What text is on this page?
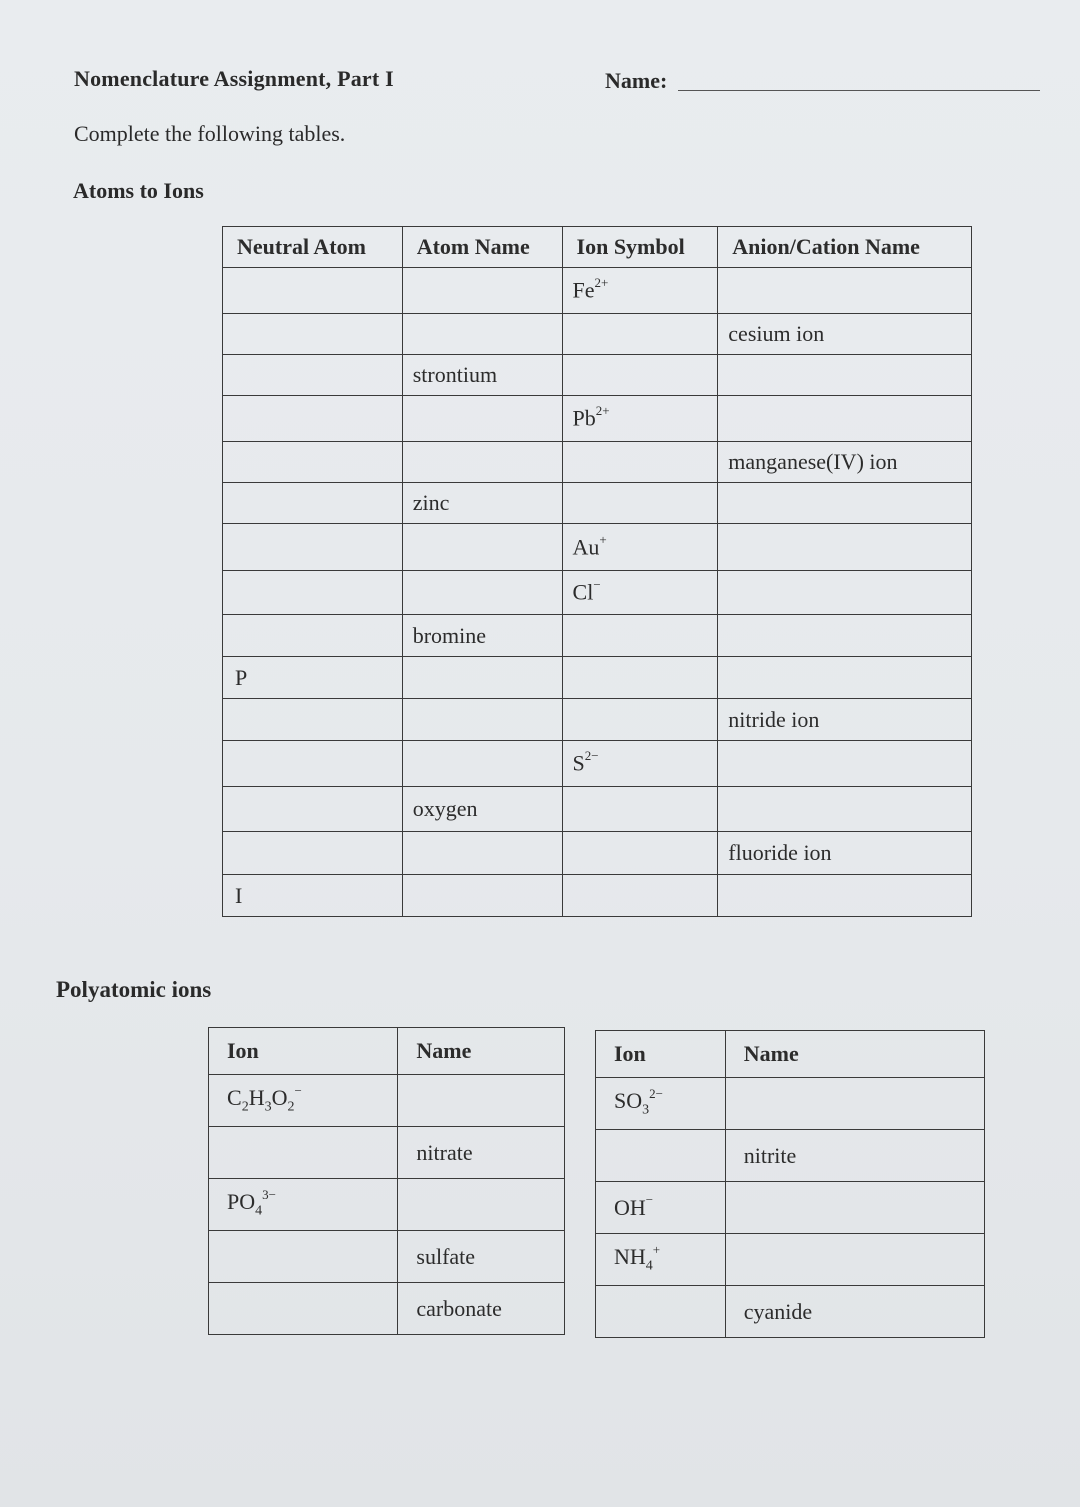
Nomenclature Assignment, Part I	Name:
Complete the following tables.
Atoms to Ions
Neutral Atom	Atom Name	Ion Symbol	Anion/Cation Name
		$Fe^{2+}$	
			cesium ion
	strontium		
		$Pb^{2+}$	
			manganese(IV) ion
	zinc		
		Au+	
		Cl−	
	bromine		
P			
			nitride ion
		$S^{2-}$	
	oxygen		
			fluoride ion
I			
Polyatomic ions
Ion	Name
$C_2H_3O_2^-$	
	nitrate
$PO_4^{3-}$	
	sulfate
	carbonate
Ion	Name
$SO_3^{2-}$	
	nitrite
OH−	
$NH_4^+$	
	cyanide
